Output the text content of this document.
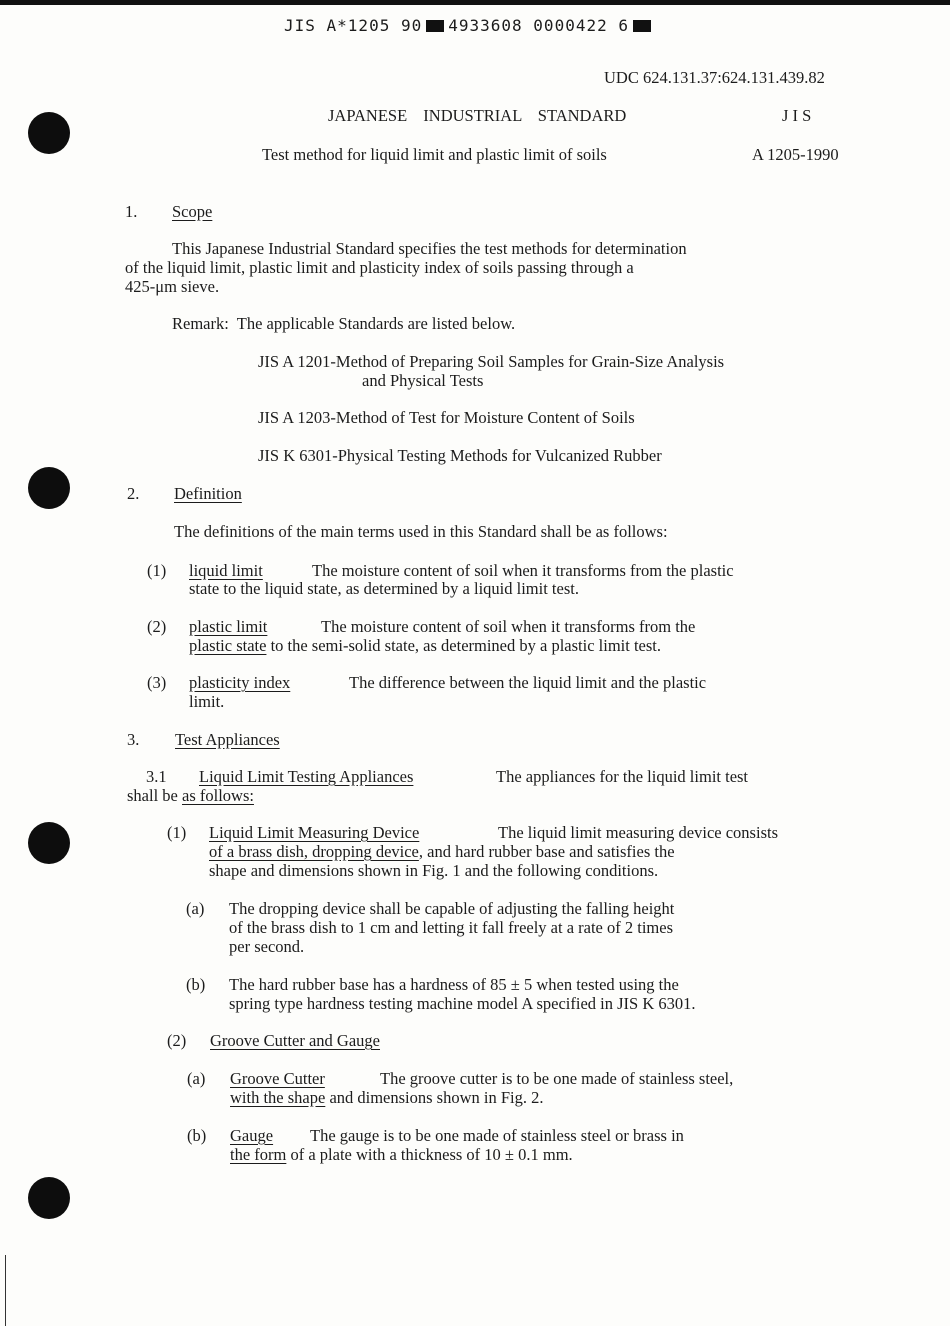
JIS A*1205 90 4933608 0000422 6
UDC 624.131.37:624.131.439.82
JAPANESE INDUSTRIAL STANDARD	J I S
Test method for liquid limit and plastic limit of soils	A 1205-1990
1. Scope
This Japanese Industrial Standard specifies the test methods for determination
of the liquid limit, plastic limit and plasticity index of soils passing through a
425-μm sieve.
Remark:  The applicable Standards are listed below.
JIS A 1201-Method of Preparing Soil Samples for Grain-Size Analysis
and Physical Tests
JIS A 1203-Method of Test for Moisture Content of Soils
JIS K 6301-Physical Testing Methods for Vulcanized Rubber
2. Definition
The definitions of the main terms used in this Standard shall be as follows:
(1) liquid limit	The moisture content of soil when it transforms from the plastic
state to the liquid state, as determined by a liquid limit test.
(2) plastic limit	The moisture content of soil when it transforms from the
plastic state to the semi-solid state, as determined by a plastic limit test.
(3) plasticity index	The difference between the liquid limit and the plastic
limit.
3. Test Appliances
3.1 Liquid Limit Testing Appliances	The appliances for the liquid limit test
shall be as follows:
(1) Liquid Limit Measuring Device	The liquid limit measuring device consists
of a brass dish, dropping device, and hard rubber base and satisfies the
shape and dimensions shown in Fig. 1 and the following conditions.
(a) The dropping device shall be capable of adjusting the falling height
of the brass dish to 1 cm and letting it fall freely at a rate of 2 times
per second.
(b) The hard rubber base has a hardness of 85 ± 5 when tested using the
spring type hardness testing machine model A specified in JIS K 6301.
(2) Groove Cutter and Gauge
(a) Groove Cutter	The groove cutter is to be one made of stainless steel,
with the shape and dimensions shown in Fig. 2.
(b) Gauge The gauge is to be one made of stainless steel or brass in
the form of a plate with a thickness of 10 ± 0.1 mm.
